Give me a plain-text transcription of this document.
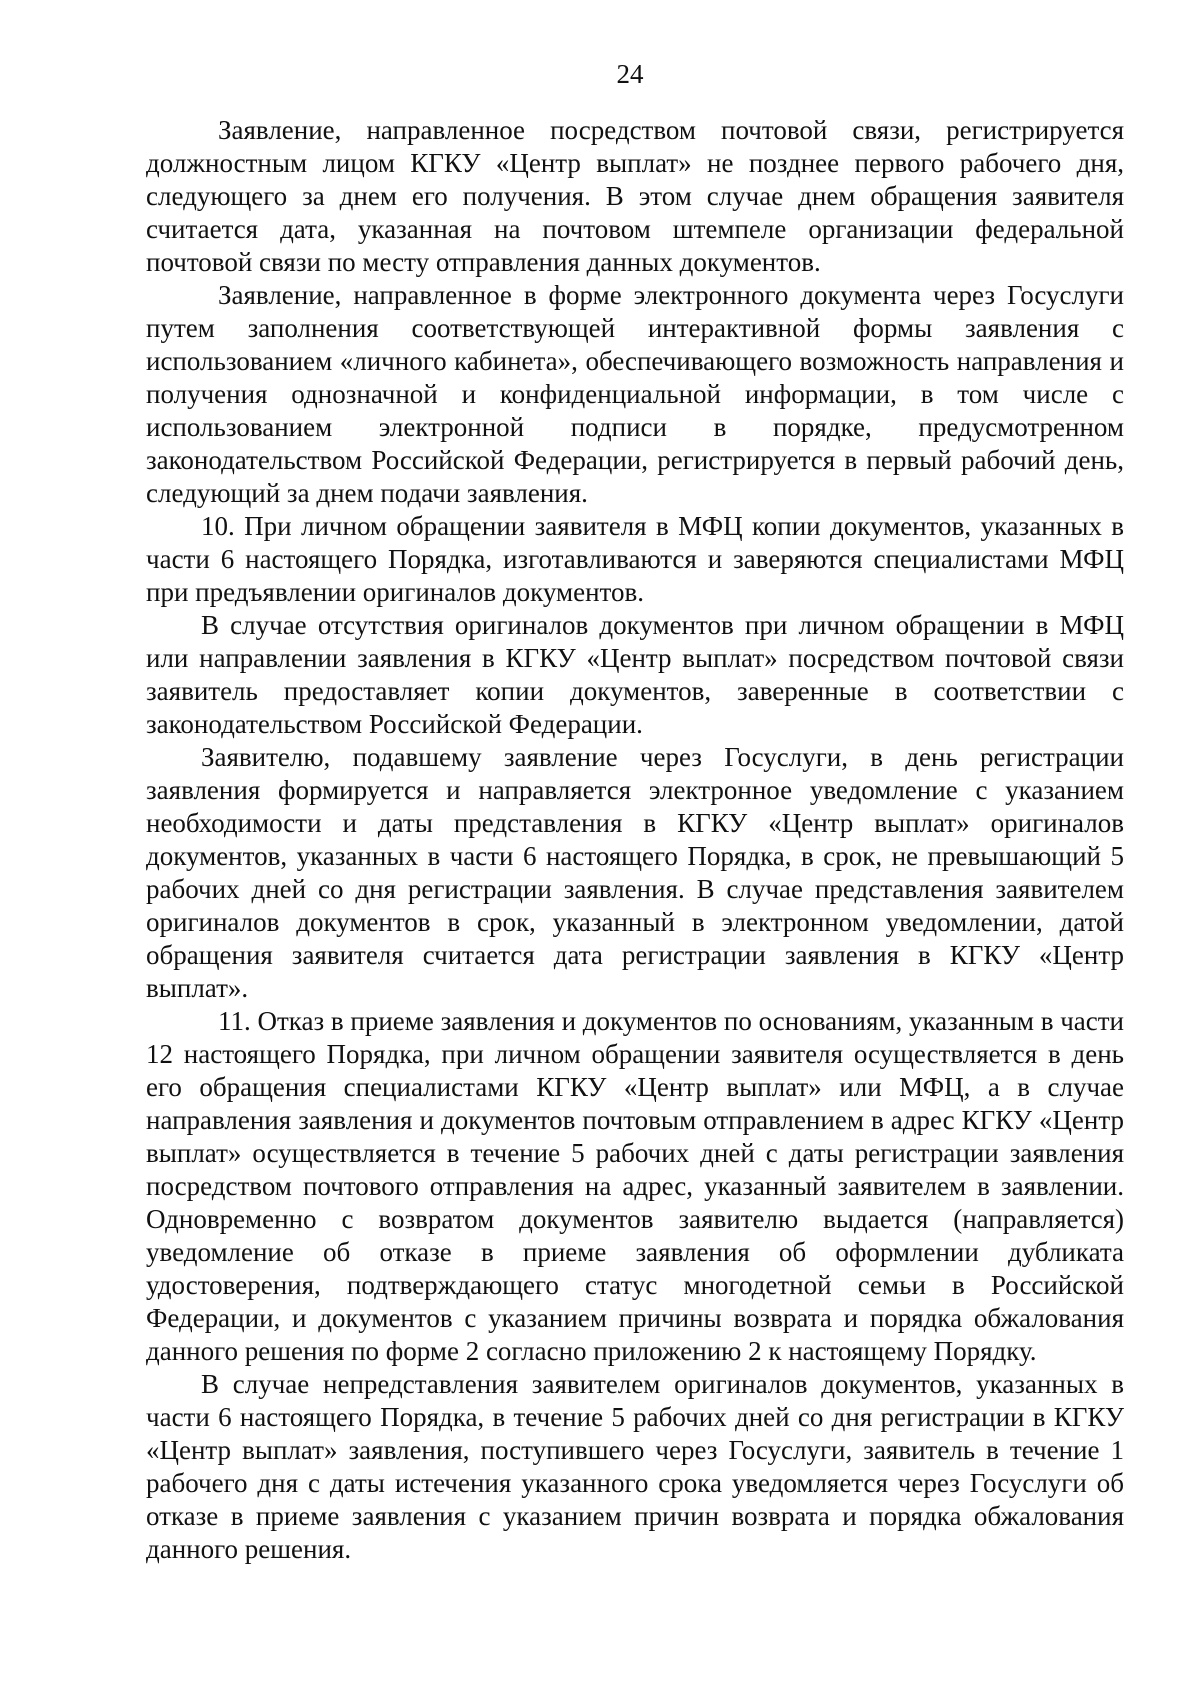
24

Заявление, направленное посредством почтовой связи, регистрируется должностным лицом КГКУ «Центр выплат» не позднее первого рабочего дня, следующего за днем его получения. В этом случае днем обращения заявителя считается дата, указанная на почтовом штемпеле организации федеральной почтовой связи по месту отправления данных документов.

Заявление, направленное в форме электронного документа через Госуслуги путем заполнения соответствующей интерактивной формы заявления с использованием «личного кабинета», обеспечивающего возможность направления и получения однозначной и конфиденциальной информации, в том числе с использованием электронной подписи в порядке, предусмотренном законодательством Российской Федерации, регистрируется в первый рабочий день, следующий за днем подачи заявления.

10. При личном обращении заявителя в МФЦ копии документов, указанных в части 6 настоящего Порядка, изготавливаются и заверяются специалистами МФЦ при предъявлении оригиналов документов.

В случае отсутствия оригиналов документов при личном обращении в МФЦ или направлении заявления в КГКУ «Центр выплат» посредством почтовой связи заявитель предоставляет копии документов, заверенные в соответствии с законодательством Российской Федерации.

Заявителю, подавшему заявление через Госуслуги, в день регистрации заявления формируется и направляется электронное уведомление с указанием необходимости и даты представления в КГКУ «Центр выплат» оригиналов документов, указанных в части 6 настоящего Порядка, в срок, не превышающий 5 рабочих дней со дня регистрации заявления. В случае представления заявителем оригиналов документов в срок, указанный в электронном уведомлении, датой обращения заявителя считается дата регистрации заявления в КГКУ «Центр выплат».

11. Отказ в приеме заявления и документов по основаниям, указанным в части 12 настоящего Порядка, при личном обращении заявителя осуществляется в день его обращения специалистами КГКУ «Центр выплат» или МФЦ, а в случае направления заявления и документов почтовым отправлением в адрес КГКУ «Центр выплат» осуществляется в течение 5 рабочих дней с даты регистрации заявления посредством почтового отправления на адрес, указанный заявителем в заявлении. Одновременно с возвратом документов заявителю выдается (направляется) уведомление об отказе в приеме заявления об оформлении дубликата удостоверения, подтверждающего статус многодетной семьи в Российской Федерации, и документов с указанием причины возврата и порядка обжалования данного решения по форме 2 согласно приложению 2 к настоящему Порядку.

В случае непредставления заявителем оригиналов документов, указанных в части 6 настоящего Порядка, в течение 5 рабочих дней со дня регистрации в КГКУ «Центр выплат» заявления, поступившего через Госуслуги, заявитель в течение 1 рабочего дня с даты истечения указанного срока уведомляется через Госуслуги об отказе в приеме заявления с указанием причин возврата и порядка обжалования данного решения.
